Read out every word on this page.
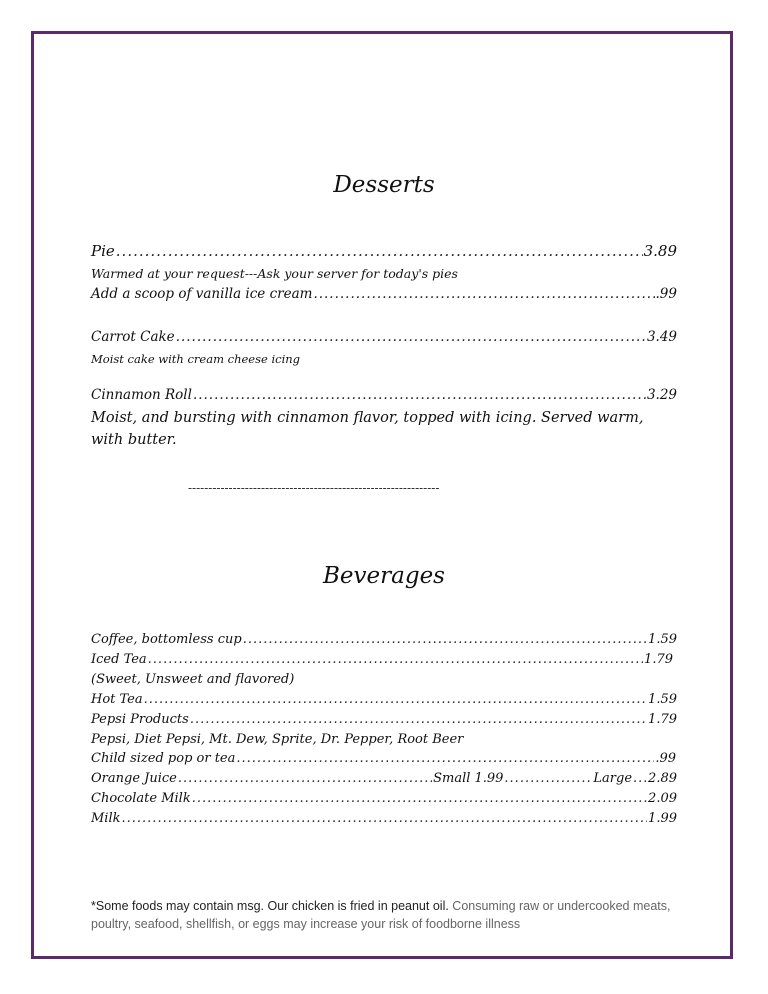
Desserts
Pie .....	3.89
Warmed at your request---Ask your server for today's pies
Add a scoop of vanilla ice cream .....	.99
Carrot Cake .....	3.49
Moist cake with cream cheese icing
Cinnamon Roll .....	3.29
Moist, and bursting with cinnamon flavor, topped with icing. Served warm, with butter.
--------------------------------------------------------------
Beverages
Coffee, bottomless cup .....	1.59
Iced Tea .....	1.79
(Sweet, Unsweet and flavored)
Hot Tea .....	1.59
Pepsi Products .....	1.79
Pepsi, Diet Pepsi, Mt. Dew, Sprite, Dr. Pepper, Root Beer
Child sized pop or tea .....	.99
Orange Juice .....	Small 1.99 .....	Large ..... 2.89
Chocolate Milk .....	2.09
Milk .....	1.99
*Some foods may contain msg. Our chicken is fried in peanut oil. Consuming raw or undercooked meats, poultry, seafood, shellfish, or eggs may increase your risk of foodborne illness
